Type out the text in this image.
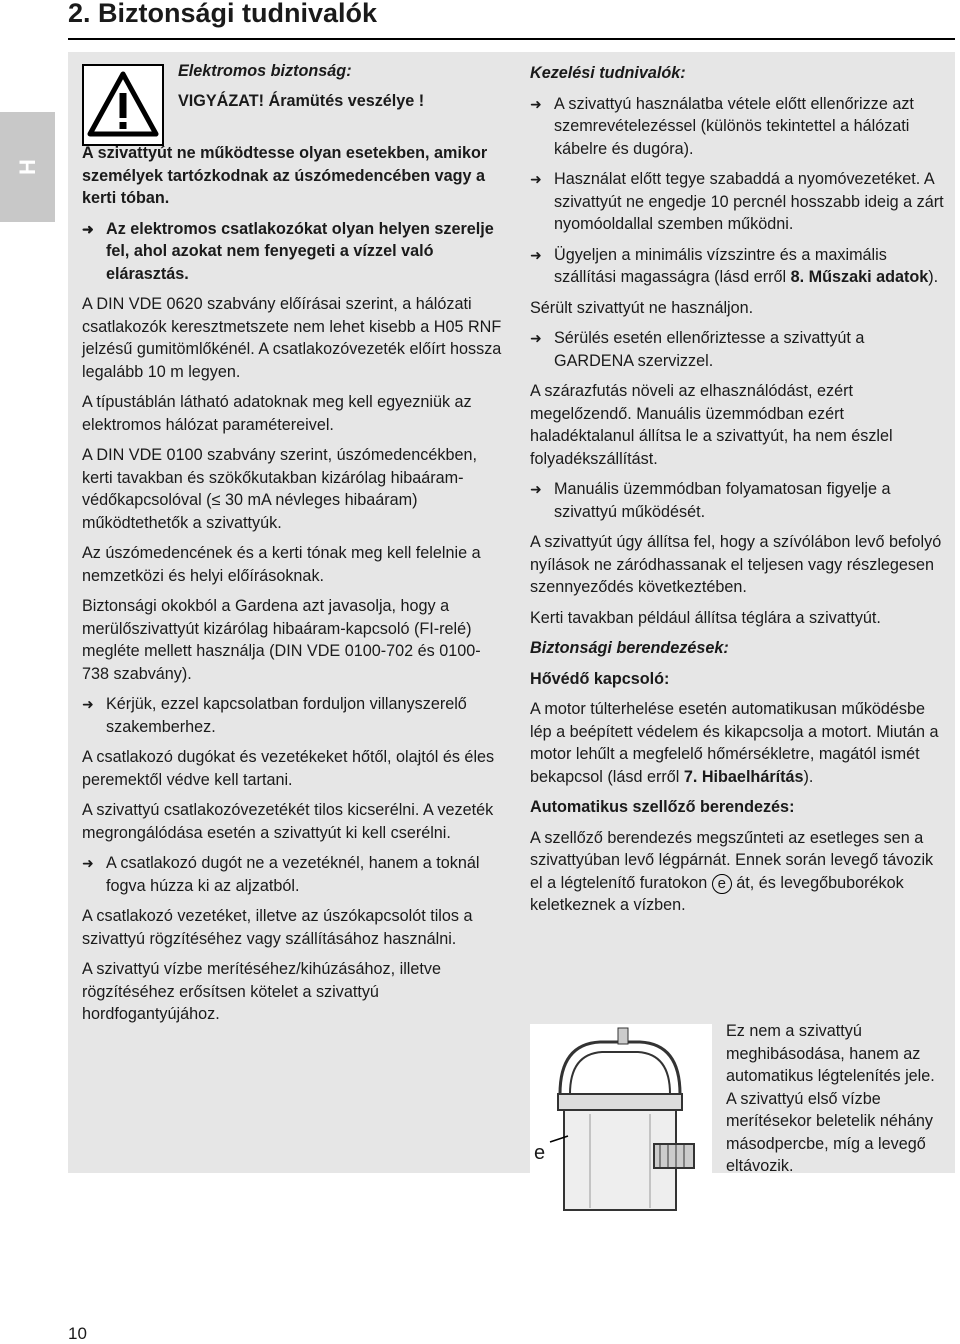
2. Biztonsági tudnivalók
H
Elektromos biztonság:
VIGYÁZAT! Áramütés veszélye !

A szivattyút ne működtesse olyan esetekben, amikor személyek tartózkodnak az úszómedencében vagy a kerti tóban.

➜ Az elektromos csatlakozókat olyan helyen szerelje fel, ahol azokat nem fenyegeti a vízzel való elárasztás.

A DIN VDE 0620 szabvány előírásai szerint, a hálózati csatlakozók keresztmetszete nem lehet kisebb a H05 RNF jelzésű gumitömlőkénél. A csatlakozóvezeték előírt hossza legalább 10 m legyen.

A típustáblán látható adatoknak meg kell egyezniük az elektromos hálózat paramétereivel.

A DIN VDE 0100 szabvány szerint, úszómedencékben, kerti tavakban és szökőkutakban kizárólag hibaáram-védőkapcsolóval (≤ 30 mA névleges hibaáram) működtethetők a szivattyúk.

Az úszómedencének és a kerti tónak meg kell felelnie a nemzetközi és helyi előírásoknak.

Biztonsági okokból a Gardena azt javasolja, hogy a merülőszivattyút kizárólag hibaáram-kapcsoló (FI-relé) megléte mellett használja (DIN VDE 0100-702 és 0100-738 szabvány).

➜ Kérjük, ezzel kapcsolatban forduljon villanyszerelő szakemberhez.

A csatlakozó dugókat és vezetékeket hőtől, olajtól és éles peremektől védve kell tartani.

A szivattyú csatlakozóvezetékét tilos kicserélni. A vezeték megrongálódása esetén a szivattyút ki kell cserélni.

➜ A csatlakozó dugót ne a vezetéknél, hanem a toknál fogva húzza ki az aljzatból.

A csatlakozó vezetéket, illetve az úszókapcsolót tilos a szivattyú rögzítéséhez vagy szállításához használni.

A szivattyú vízbe merítéséhez/kihúzásához, illetve rögzítéséhez erősítsen kötelet a szivattyú hordfogantyújához.

Kezelési tudnivalók:

➜ A szivattyú használatba vétele előtt ellenőrizze azt szemrevételezéssel (különös tekintettel a hálózati kábelre és dugóra).

➜ Használat előtt tegye szabaddá a nyomóvezetéket. A szivattyút ne engedje 10 percnél hosszabb ideig a zárt nyomóoldallal szemben működni.

➜ Ügyeljen a minimális vízszintre és a maximális szállítási magasságra (lásd erről 8. Műszaki adatok).

Sérült szivattyút ne használjon.

➜ Sérülés esetén ellenőriztesse a szivattyút a GARDENA szervizzel.

A szárazfutás növeli az elhasználódást, ezért megelőzendő. Manuális üzemmódban ezért haladéktalanul állítsa le a szivattyút, ha nem észlel folyadékszállítást.

➜ Manuális üzemmódban folyamatosan figyelje a szivattyú működését.

A szivattyút úgy állítsa fel, hogy a szívólábon levő befolyó nyílások ne záródhassanak el teljesen vagy részlegesen szennyeződés következtében.

Kerti tavakban például állítsa téglára a szivattyút.

Biztonsági berendezések:

Hővédő kapcsoló:

A motor túlterhelése esetén automatikusan működésbe lép a beépített védelem és kikapcsolja a motort. Miután a motor lehűlt a megfelelő hőmérsékletre, magától ismét bekapcsol (lásd erről 7. Hibaelhárítás).

Automatikus szellőző berendezés:

A szellőző berendezés megszűnteti az esetleges sen a szivattyúban levő légpárnát. Ennek során levegő távozik el a légtelenítő furatokon e át, és levegőbuborékok keletkeznek a vízben.

e
Ez nem a szivattyú meghibásodása, hanem az automatikus légtelenítés jele. A szivattyú első vízbe merítésekor beletelik néhány másodpercbe, míg a levegő eltávozik.
10
